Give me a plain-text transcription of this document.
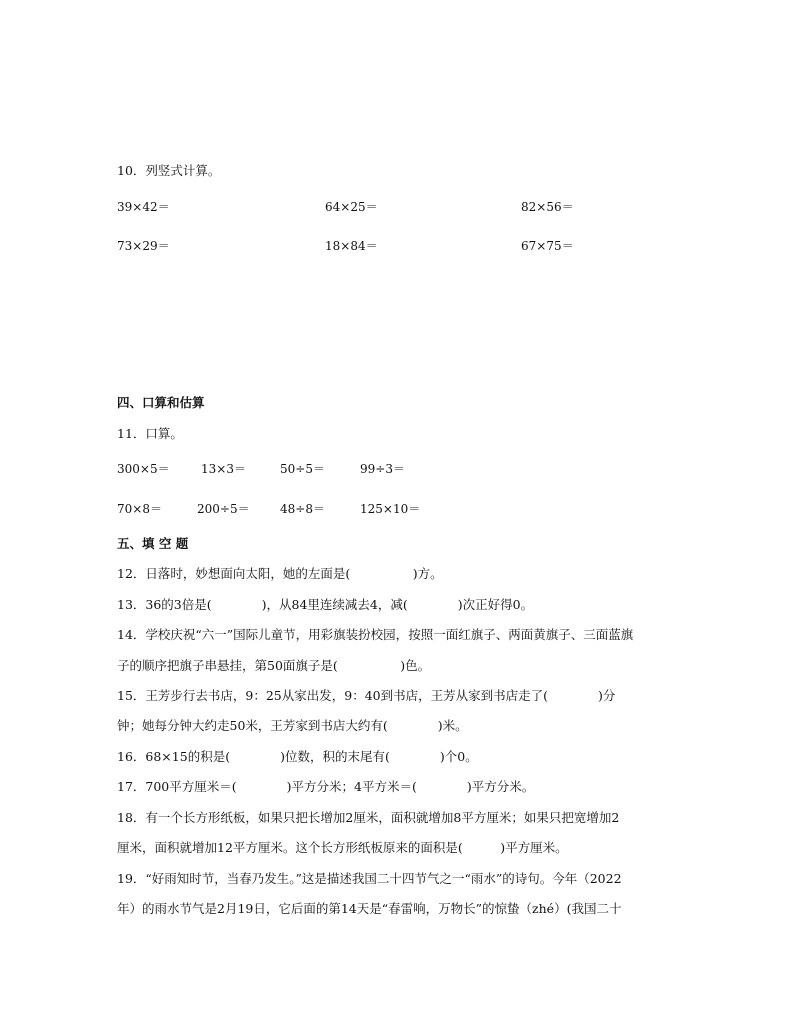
10．列竖式计算。
39×42＝	64×25＝	82×56＝
73×29＝	18×84＝	67×75＝
四、口算和估算
11．口算。
300×5＝	13×3＝	50÷5＝	99÷3＝
70×8＝	200÷5＝	48÷8＝	125×10＝
五、填 空 题
12．日落时，妙想面向太阳，她的左面是(　　　　　)方。
13．36的3倍是(　　　　)，从84里连续减去4，减(　　　　)次正好得0。
14．学校庆祝“六一”国际儿童节，用彩旗装扮校园，按照一面红旗子、两面黄旗子、三面蓝旗
子的顺序把旗子串悬挂，第50面旗子是(　　　　　)色。
15．王芳步行去书店，9：25从家出发，9：40到书店，王芳从家到书店走了(　　　　)分
钟；她每分钟大约走50米，王芳家到书店大约有(　　　　)米。
16．68×15的积是(　　　　)位数，积的末尾有(　　　　)个0。
17．700平方厘米＝(　　　　)平方分米；4平方米＝(　　　　)平方分米。
18．有一个长方形纸板，如果只把长增加2厘米，面积就增加8平方厘米；如果只把宽增加2
厘米，面积就增加12平方厘米。这个长方形纸板原来的面积是(　　　)平方厘米。
19．“好雨知时节，当春乃发生。”这是描述我国二十四节气之一“雨水”的诗句。今年（2022
年）的雨水节气是2月19日，它后面的第14天是“春雷响，万物长”的惊蛰（zhé）(我国二十
